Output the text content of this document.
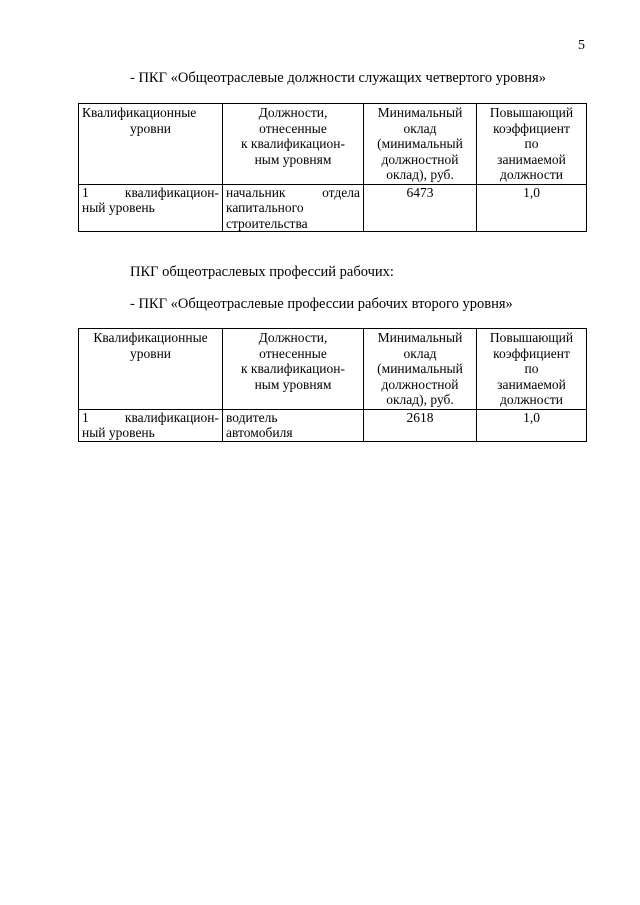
5
- ПКГ «Общеотраслевые должности служащих четвертого уровня»
Квалификационные
уровни	Должности,
отнесенные
к квалификацион-
ным уровням	Минимальный
оклад
(минимальный
должностной
оклад), руб.	Повышающий
коэффициент
по
занимаемой
должности

1   квалификацион-
ный уровень	начальник   отдела
капитального
строительства	6473	1,0
ПКГ общеотраслевых профессий рабочих:
- ПКГ «Общеотраслевые профессии рабочих второго уровня»
Квалификационные
уровни	Должности,
отнесенные
к квалификацион-
ным уровням	Минимальный
оклад
(минимальный
должностной
оклад), руб.	Повышающий
коэффициент
по
занимаемой
должности

1   квалификацион-
ный уровень	водитель
автомобиля	2618	1,0
